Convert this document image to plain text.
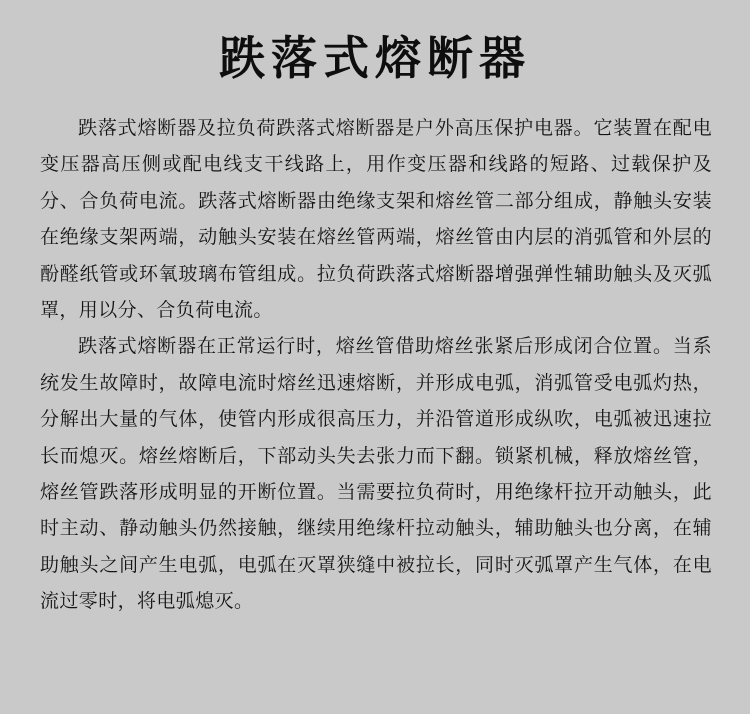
跌落式熔断器

跌落式熔断器及拉负荷跌落式熔断器是户外高压保护电器。它装置在配电变压器高压侧或配电线支干线路上，用作变压器和线路的短路、过载保护及分、合负荷电流。跌落式熔断器由绝缘支架和熔丝管二部分组成，静触头安装在绝缘支架两端，动触头安装在熔丝管两端，熔丝管由内层的消弧管和外层的酚醛纸管或环氧玻璃布管组成。拉负荷跌落式熔断器增强弹性辅助触头及灭弧罩，用以分、合负荷电流。

跌落式熔断器在正常运行时，熔丝管借助熔丝张紧后形成闭合位置。当系统发生故障时，故障电流时熔丝迅速熔断，并形成电弧，消弧管受电弧灼热，分解出大量的气体，使管内形成很高压力，并沿管道形成纵吹，电弧被迅速拉长而熄灭。熔丝熔断后，下部动头失去张力而下翻。锁紧机械，释放熔丝管，熔丝管跌落形成明显的开断位置。当需要拉负荷时，用绝缘杆拉开动触头，此时主动、静动触头仍然接触，继续用绝缘杆拉动触头，辅助触头也分离，在辅助触头之间产生电弧，电弧在灭罩狭缝中被拉长，同时灭弧罩产生气体，在电流过零时，将电弧熄灭。
